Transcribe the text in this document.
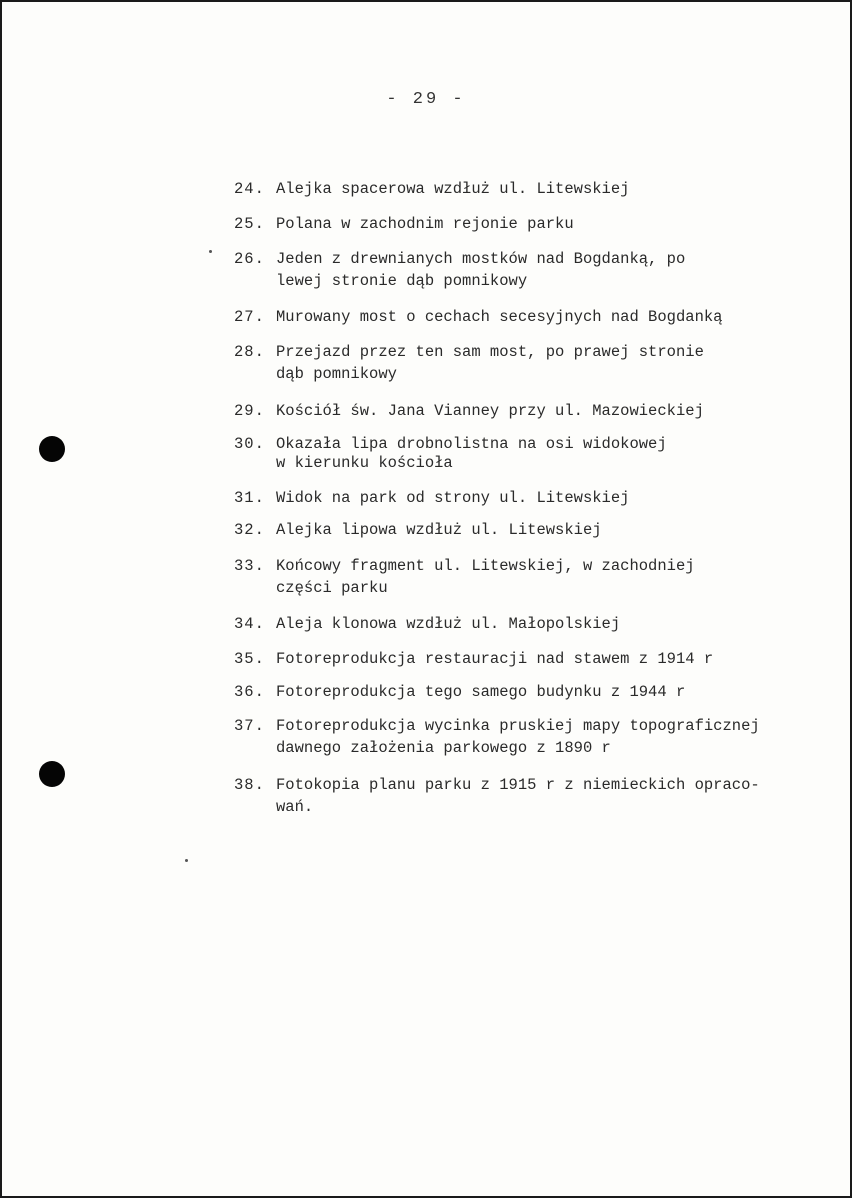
- 29 -
24. Alejka spacerowa wzdłuż ul. Litewskiej
25. Polana w zachodnim rejonie parku
26. Jeden z drewnianych mostków nad Bogdanką, po
lewej stronie dąb pomnikowy
27. Murowany most o cechach secesyjnych nad Bogdanką
28. Przejazd przez ten sam most, po prawej stronie
dąb pomnikowy
29. Kościół św. Jana Vianney przy ul. Mazowieckiej
30. Okazała lipa drobnolistna na osi widokowej
w kierunku kościoła
31. Widok na park od strony ul. Litewskiej
32. Alejka lipowa wzdłuż ul. Litewskiej
33. Końcowy fragment ul. Litewskiej, w zachodniej
części parku
34. Aleja klonowa wzdłuż ul. Małopolskiej
35. Fotoreprodukcja restauracji nad stawem z 1914 r
36. Fotoreprodukcja tego samego budynku z 1944 r
37. Fotoreprodukcja wycinka pruskiej mapy topograficznej
dawnego założenia parkowego z 1890 r
38. Fotokopia planu parku z 1915 r z niemieckich opraco-
wań.
